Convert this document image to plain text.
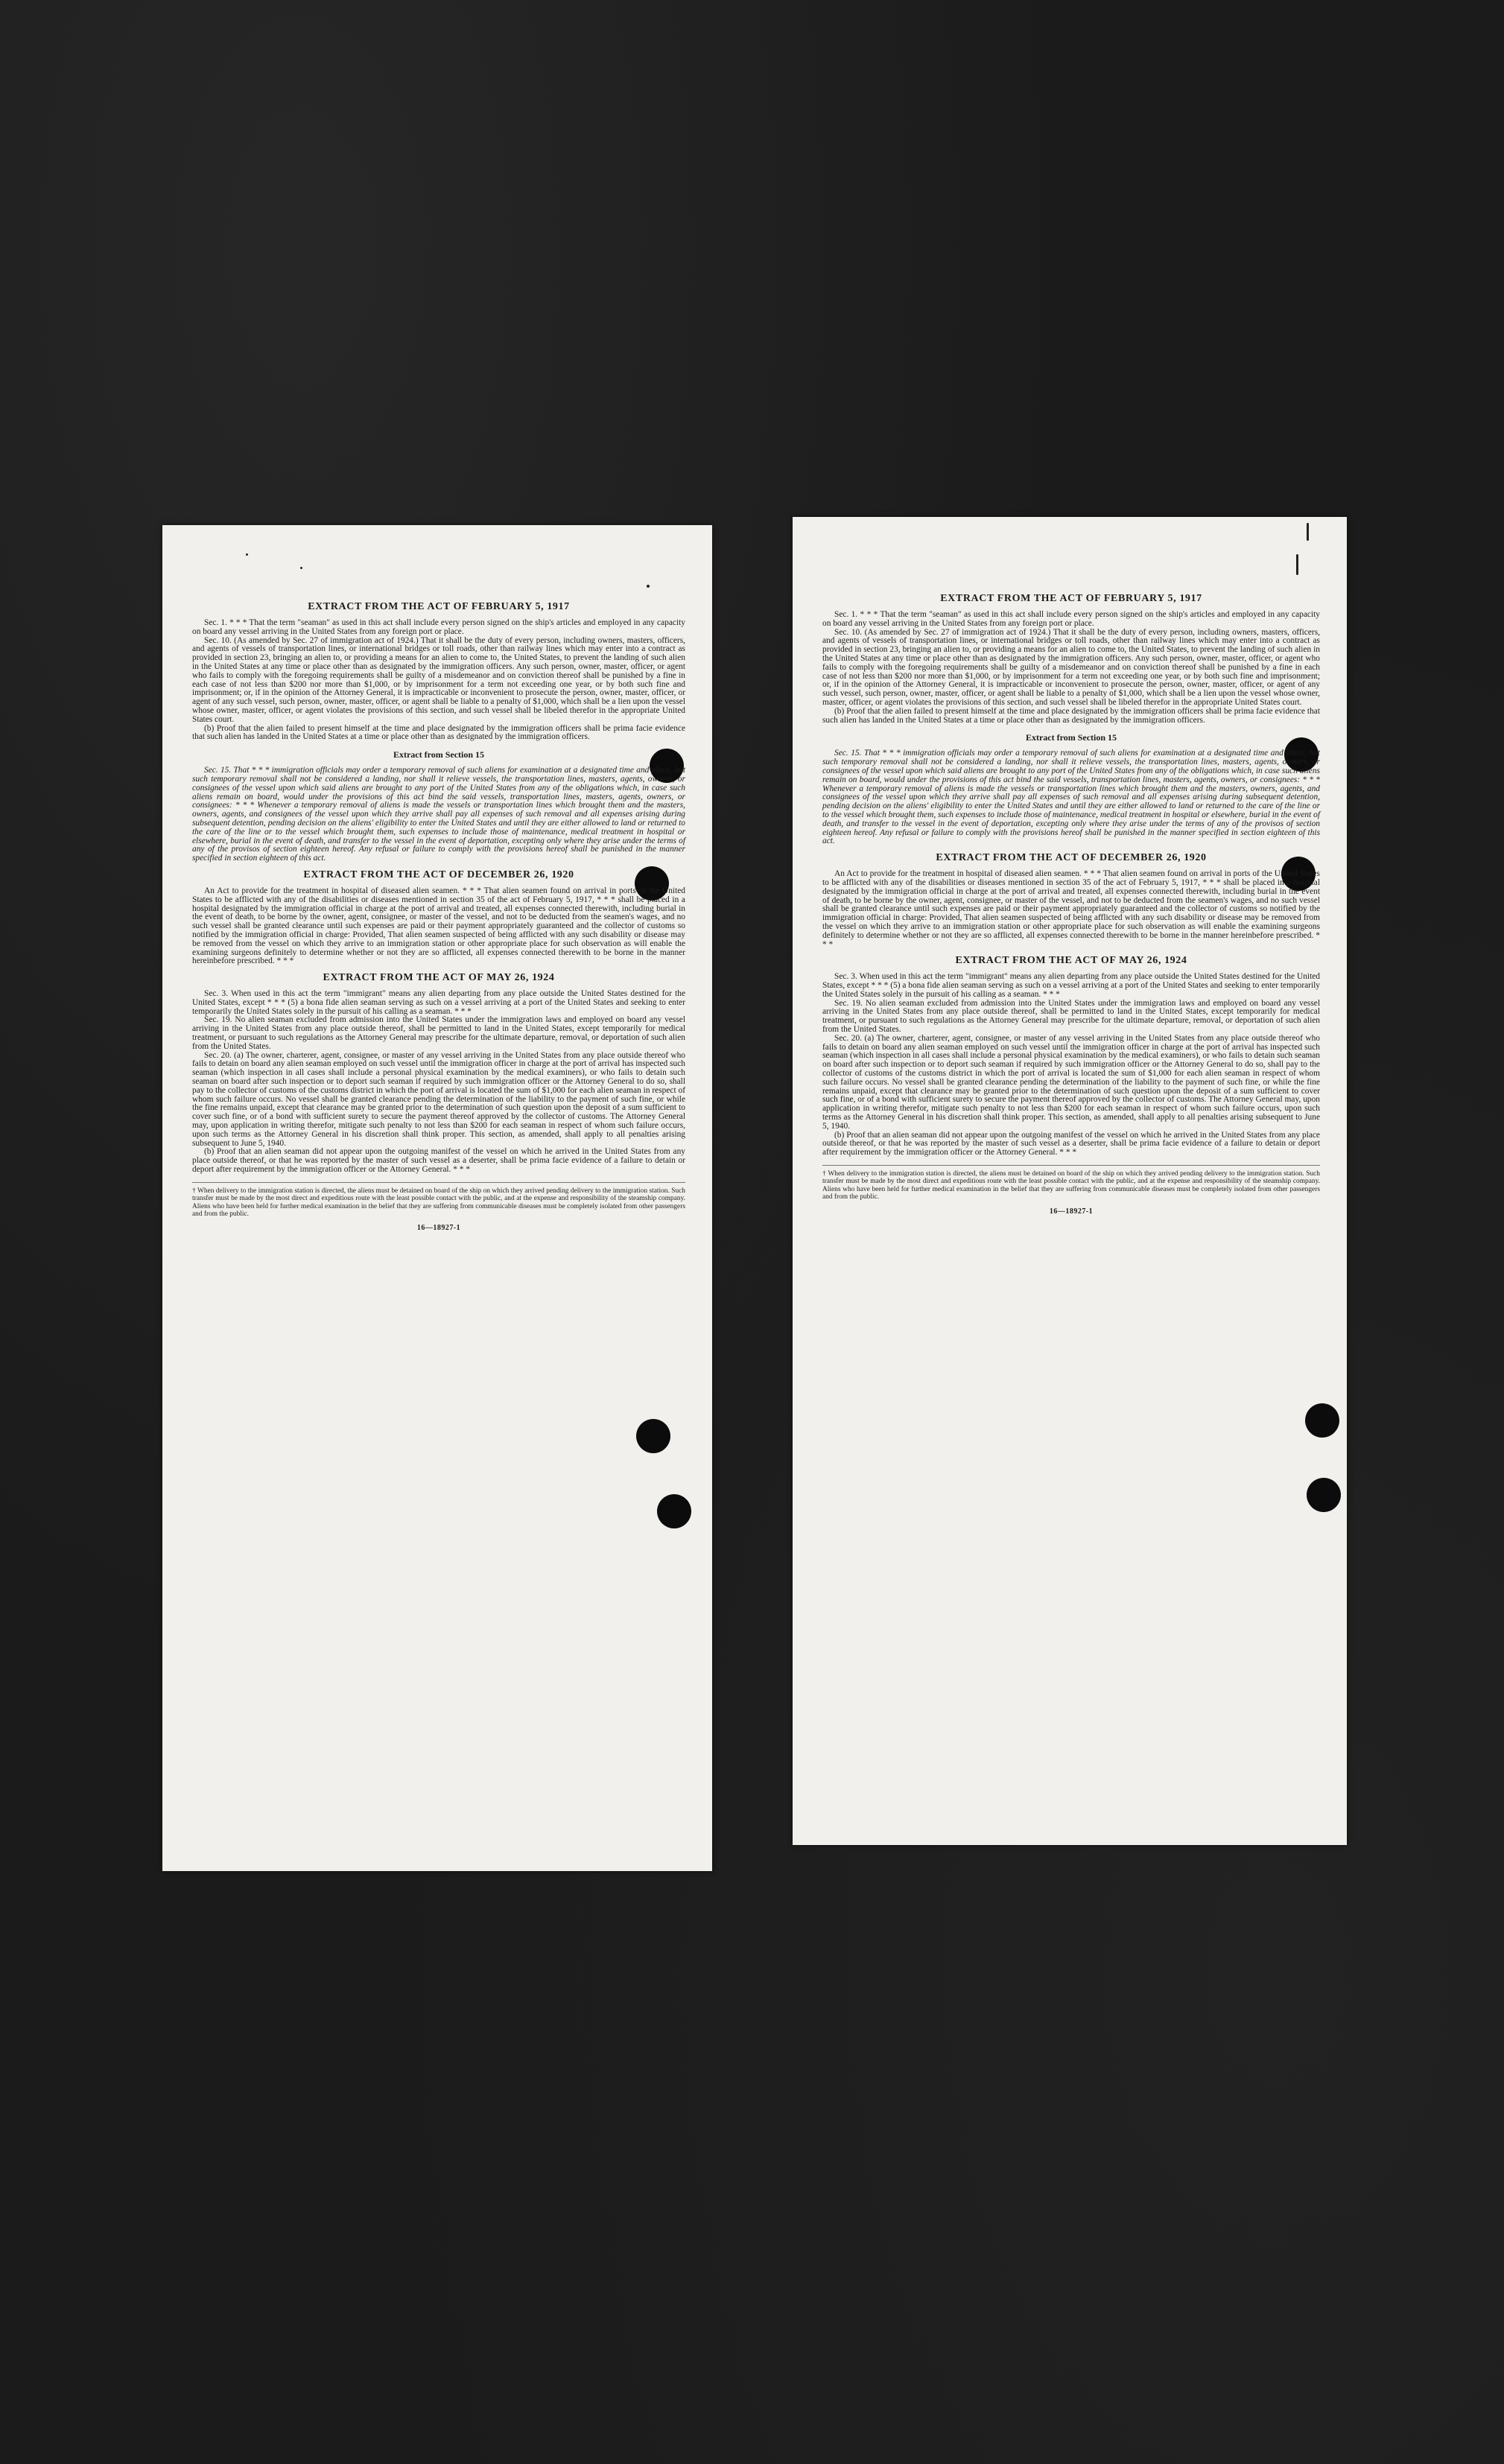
EXTRACT FROM THE ACT OF FEBRUARY 5, 1917

Sec. 1. * * * That the term "seaman" as used in this act shall include every person signed on the ship's articles and employed in any capacity on board any vessel arriving in the United States from any foreign port or place.

Sec. 10. (As amended by Sec. 27 of immigration act of 1924.) That it shall be the duty of every person, including owners, masters, officers, and agents of vessels of transportation lines, or international bridges or toll roads, other than railway lines which may enter into a contract as provided in section 23, bringing an alien to, or providing a means for an alien to come to, the United States, to prevent the landing of such alien in the United States at any time or place other than as designated by the immigration officers. Any such person, owner, master, officer, or agent who fails to comply with the foregoing requirements shall be guilty of a misdemeanor and on conviction thereof shall be punished by a fine in each case of not less than $200 nor more than $1,000, or by imprisonment for a term not exceeding one year, or by both such fine and imprisonment; or, if in the opinion of the Attorney General, it is impracticable or inconvenient to prosecute the person, owner, master, officer, or agent of any such vessel, such person, owner, master, officer, or agent shall be liable to a penalty of $1,000, which shall be a lien upon the vessel whose owner, master, officer, or agent violates the provisions of this section, and such vessel shall be libeled therefor in the appropriate United States court.

(b) Proof that the alien failed to present himself at the time and place designated by the immigration officers shall be prima facie evidence that such alien has landed in the United States at a time or place other than as designated by the immigration officers.

Extract from Section 15

Sec. 15. That * * * immigration officials may order a temporary removal of such aliens for examination at a designated time and place, but such temporary removal shall not be considered a landing, nor shall it relieve vessels, the transportation lines, masters, agents, owners, or consignees of the vessel upon which said aliens are brought to any port of the United States from any of the obligations which, in case such aliens remain on board, would under the provisions of this act bind the said vessels, transportation lines, masters, agents, owners, or consignees: * * * Whenever a temporary removal of aliens is made the vessels or transportation lines which brought them and the masters, owners, agents, and consignees of the vessel upon which they arrive shall pay all expenses of such removal and all expenses arising during subsequent detention, pending decision on the aliens' eligibility to enter the United States and until they are either allowed to land or returned to the care of the line or to the vessel which brought them, such expenses to include those of maintenance, medical treatment in hospital or elsewhere, burial in the event of death, and transfer to the vessel in the event of deportation, excepting only where they arise under the terms of any of the provisos of section eighteen hereof. Any refusal or failure to comply with the provisions hereof shall be punished in the manner specified in section eighteen of this act.

EXTRACT FROM THE ACT OF DECEMBER 26, 1920

An Act to provide for the treatment in hospital of diseased alien seamen. * * * That alien seamen found on arrival in ports of the United States to be afflicted with any of the disabilities or diseases mentioned in section 35 of the act of February 5, 1917, * * * shall be placed in a hospital designated by the immigration official in charge at the port of arrival and treated, all expenses connected therewith, including burial in the event of death, to be borne by the owner, agent, consignee, or master of the vessel, and not to be deducted from the seamen's wages, and no such vessel shall be granted clearance until such expenses are paid or their payment appropriately guaranteed and the collector of customs so notified by the immigration official in charge: Provided, That alien seamen suspected of being afflicted with any such disability or disease may be removed from the vessel on which they arrive to an immigration station or other appropriate place for such observation as will enable the examining surgeons definitely to determine whether or not they are so afflicted, all expenses connected therewith to be borne in the manner hereinbefore prescribed. * * *

EXTRACT FROM THE ACT OF MAY 26, 1924

Sec. 3. When used in this act the term "immigrant" means any alien departing from any place outside the United States destined for the United States, except * * * (5) a bona fide alien seaman serving as such on a vessel arriving at a port of the United States and seeking to enter temporarily the United States solely in the pursuit of his calling as a seaman. * * *

Sec. 19. No alien seaman excluded from admission into the United States under the immigration laws and employed on board any vessel arriving in the United States from any place outside thereof, shall be permitted to land in the United States, except temporarily for medical treatment, or pursuant to such regulations as the Attorney General may prescribe for the ultimate departure, removal, or deportation of such alien from the United States.

Sec. 20. (a) The owner, charterer, agent, consignee, or master of any vessel arriving in the United States from any place outside thereof who fails to detain on board any alien seaman employed on such vessel until the immigration officer in charge at the port of arrival has inspected such seaman (which inspection in all cases shall include a personal physical examination by the medical examiners), or who fails to detain such seaman on board after such inspection or to deport such seaman if required by such immigration officer or the Attorney General to do so, shall pay to the collector of customs of the customs district in which the port of arrival is located the sum of $1,000 for each alien seaman in respect of whom such failure occurs. No vessel shall be granted clearance pending the determination of the liability to the payment of such fine, or while the fine remains unpaid, except that clearance may be granted prior to the determination of such question upon the deposit of a sum sufficient to cover such fine, or of a bond with sufficient surety to secure the payment thereof approved by the collector of customs. The Attorney General may, upon application in writing therefor, mitigate such penalty to not less than $200 for each seaman in respect of whom such failure occurs, upon such terms as the Attorney General in his discretion shall think proper. This section, as amended, shall apply to all penalties arising subsequent to June 5, 1940.

(b) Proof that an alien seaman did not appear upon the outgoing manifest of the vessel on which he arrived in the United States from any place outside thereof, or that he was reported by the master of such vessel as a deserter, shall be prima facie evidence of a failure to detain or deport after requirement by the immigration officer or the Attorney General. * * *

† When delivery to the immigration station is directed, the aliens must be detained on board of the ship on which they arrived pending delivery to the immigration station. Such transfer must be made by the most direct and expeditious route with the least possible contact with the public, and at the expense and responsibility of the steamship company. Aliens who have been held for further medical examination in the belief that they are suffering from communicable diseases must be completely isolated from other passengers and from the public.
16—18927-1
EXTRACT FROM THE ACT OF FEBRUARY 5, 1917

Sec. 1. * * * That the term "seaman" as used in this act shall include every person signed on the ship's articles and employed in any capacity on board any vessel arriving in the United States from any foreign port or place.

Sec. 10. (As amended by Sec. 27 of immigration act of 1924.) That it shall be the duty of every person, including owners, masters, officers, and agents of vessels of transportation lines, or international bridges or toll roads, other than railway lines which may enter into a contract as provided in section 23, bringing an alien to, or providing a means for an alien to come to, the United States, to prevent the landing of such alien in the United States at any time or place other than as designated by the immigration officers. Any such person, owner, master, officer, or agent who fails to comply with the foregoing requirements shall be guilty of a misdemeanor and on conviction thereof shall be punished by a fine in each case of not less than $200 nor more than $1,000, or by imprisonment for a term not exceeding one year, or by both such fine and imprisonment; or, if in the opinion of the Attorney General, it is impracticable or inconvenient to prosecute the person, owner, master, officer, or agent of any such vessel, such person, owner, master, officer, or agent shall be liable to a penalty of $1,000, which shall be a lien upon the vessel whose owner, master, officer, or agent violates the provisions of this section, and such vessel shall be libeled therefor in the appropriate United States court.

(b) Proof that the alien failed to present himself at the time and place designated by the immigration officers shall be prima facie evidence that such alien has landed in the United States at a time or place other than as designated by the immigration officers.

Extract from Section 15

Sec. 15. That * * * immigration officials may order a temporary removal of such aliens for examination at a designated time and place, but such temporary removal shall not be considered a landing, nor shall it relieve vessels, the transportation lines, masters, agents, owners, or consignees of the vessel upon which said aliens are brought to any port of the United States from any of the obligations which, in case such aliens remain on board, would under the provisions of this act bind the said vessels, transportation lines, masters, agents, owners, or consignees: * * * Whenever a temporary removal of aliens is made the vessels or transportation lines which brought them and the masters, owners, agents, and consignees of the vessel upon which they arrive shall pay all expenses of such removal and all expenses arising during subsequent detention, pending decision on the aliens' eligibility to enter the United States and until they are either allowed to land or returned to the care of the line or to the vessel which brought them, such expenses to include those of maintenance, medical treatment in hospital or elsewhere, burial in the event of death, and transfer to the vessel in the event of deportation, excepting only where they arise under the terms of any of the provisos of section eighteen hereof. Any refusal or failure to comply with the provisions hereof shall be punished in the manner specified in section eighteen of this act.

EXTRACT FROM THE ACT OF DECEMBER 26, 1920

An Act to provide for the treatment in hospital of diseased alien seamen. * * * That alien seamen found on arrival in ports of the United States to be afflicted with any of the disabilities or diseases mentioned in section 35 of the act of February 5, 1917, * * * shall be placed in a hospital designated by the immigration official in charge at the port of arrival and treated, all expenses connected therewith, including burial in the event of death, to be borne by the owner, agent, consignee, or master of the vessel, and not to be deducted from the seamen's wages, and no such vessel shall be granted clearance until such expenses are paid or their payment appropriately guaranteed and the collector of customs so notified by the immigration official in charge: Provided, That alien seamen suspected of being afflicted with any such disability or disease may be removed from the vessel on which they arrive to an immigration station or other appropriate place for such observation as will enable the examining surgeons definitely to determine whether or not they are so afflicted, all expenses connected therewith to be borne in the manner hereinbefore prescribed. * * *

EXTRACT FROM THE ACT OF MAY 26, 1924

Sec. 3. When used in this act the term "immigrant" means any alien departing from any place outside the United States destined for the United States, except * * * (5) a bona fide alien seaman serving as such on a vessel arriving at a port of the United States and seeking to enter temporarily the United States solely in the pursuit of his calling as a seaman. * * *

Sec. 19. No alien seaman excluded from admission into the United States under the immigration laws and employed on board any vessel arriving in the United States from any place outside thereof, shall be permitted to land in the United States, except temporarily for medical treatment, or pursuant to such regulations as the Attorney General may prescribe for the ultimate departure, removal, or deportation of such alien from the United States.

Sec. 20. (a) The owner, charterer, agent, consignee, or master of any vessel arriving in the United States from any place outside thereof who fails to detain on board any alien seaman employed on such vessel until the immigration officer in charge at the port of arrival has inspected such seaman (which inspection in all cases shall include a personal physical examination by the medical examiners), or who fails to detain such seaman on board after such inspection or to deport such seaman if required by such immigration officer or the Attorney General to do so, shall pay to the collector of customs of the customs district in which the port of arrival is located the sum of $1,000 for each alien seaman in respect of whom such failure occurs. No vessel shall be granted clearance pending the determination of the liability to the payment of such fine, or while the fine remains unpaid, except that clearance may be granted prior to the determination of such question upon the deposit of a sum sufficient to cover such fine, or of a bond with sufficient surety to secure the payment thereof approved by the collector of customs. The Attorney General may, upon application in writing therefor, mitigate such penalty to not less than $200 for each seaman in respect of whom such failure occurs, upon such terms as the Attorney General in his discretion shall think proper. This section, as amended, shall apply to all penalties arising subsequent to June 5, 1940.

(b) Proof that an alien seaman did not appear upon the outgoing manifest of the vessel on which he arrived in the United States from any place outside thereof, or that he was reported by the master of such vessel as a deserter, shall be prima facie evidence of a failure to detain or deport after requirement by the immigration officer or the Attorney General. * * *

† When delivery to the immigration station is directed, the aliens must be detained on board of the ship on which they arrived pending delivery to the immigration station. Such transfer must be made by the most direct and expeditious route with the least possible contact with the public, and at the expense and responsibility of the steamship company. Aliens who have been held for further medical examination in the belief that they are suffering from communicable diseases must be completely isolated from other passengers and from the public.
16—18927-1
